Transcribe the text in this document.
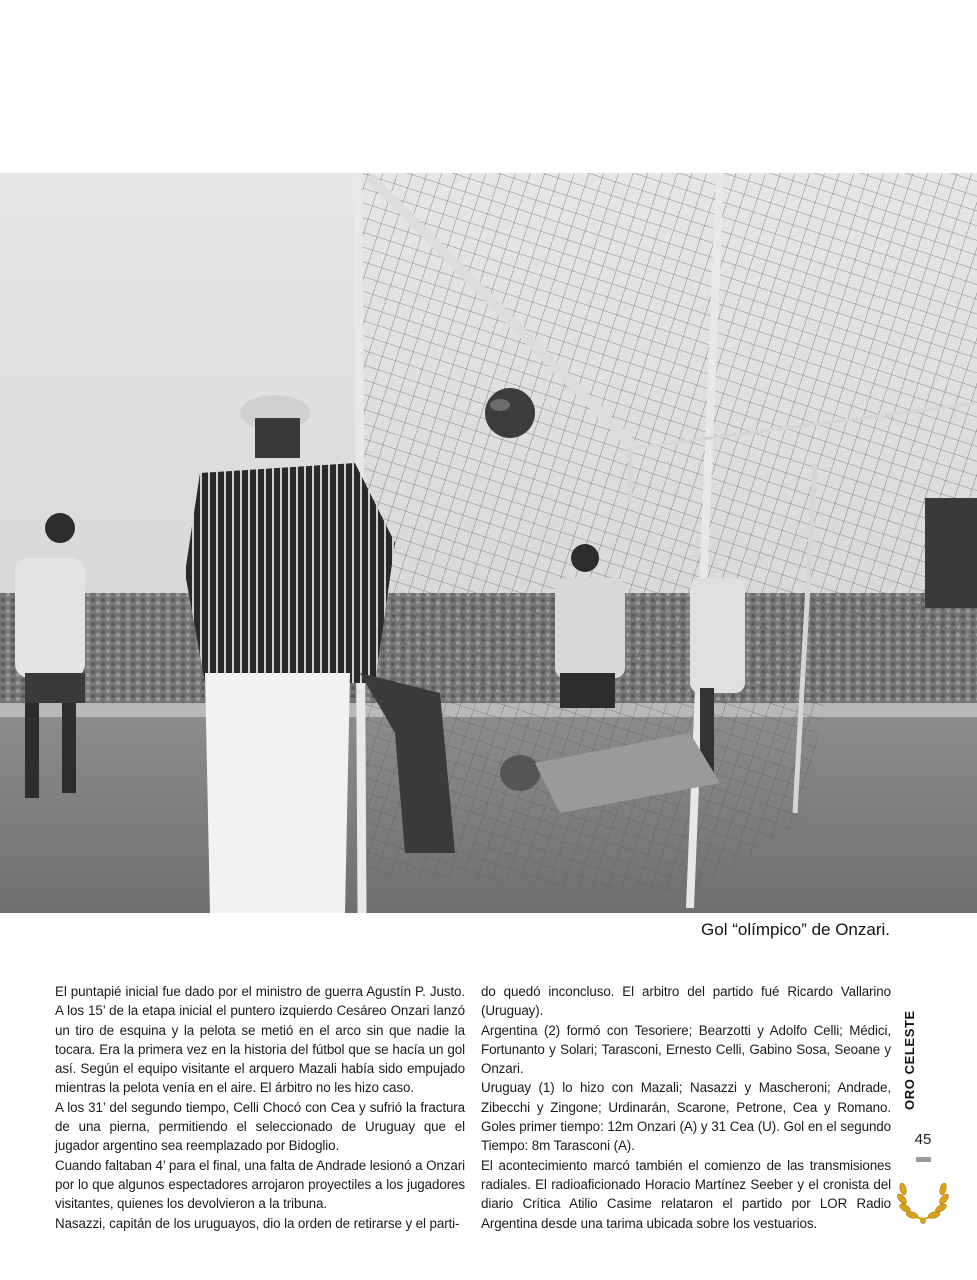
Gol “olímpico” de Onzari.

El puntapié inicial fue dado por el ministro de guerra Agustín P. Justo. A los 15’ de la etapa inicial el puntero izquierdo Cesáreo Onzari lanzó un tiro de esquina y la pelota se metió en el arco sin que nadie la tocara. Era la primera vez en la historia del fútbol que se hacía un gol así. Según el equipo visitante el arquero Mazali había sido empujado mientras la pelota venía en el aire. El árbitro no les hizo caso.

A los 31’ del segundo tiempo, Celli Chocó con Cea y sufrió la fractura de una pierna, permitiendo el seleccionado de Uruguay que el jugador argentino sea reemplazado por Bidoglio.

Cuando faltaban 4’ para el final, una falta de Andrade lesionó a Onzari por lo que algunos espectadores arrojaron proyectiles a los jugadores visitantes, quienes los devolvieron a la tribuna.

Nasazzi, capitán de los uruguayos, dio la orden de retirarse y el parti-

do quedó inconcluso. El arbitro del partido fué Ricardo Vallarino (Uruguay).

Argentina (2) formó con Tesoriere; Bearzotti y Adolfo Celli; Médici, Fortunanto y Solari; Tarasconi, Ernesto Celli, Gabino Sosa, Seoane y Onzari.

Uruguay (1) lo hizo con Mazali; Nasazzi y Mascheroni; Andrade, Zibecchi y Zingone; Urdinarán, Scarone, Petrone, Cea y Romano. Goles primer tiempo: 12m Onzari (A) y 31 Cea (U). Gol en el segundo Tiempo: 8m Tarasconi (A).

El acontecimiento marcó también el comienzo de las transmisiones radiales. El radioaficionado Horacio Martínez Seeber y el cronista del diario Crítica Atilio Casime relataron el partido por LOR Radio Argentina desde una tarima ubicada sobre los vestuarios.

ORO CELESTE
45
